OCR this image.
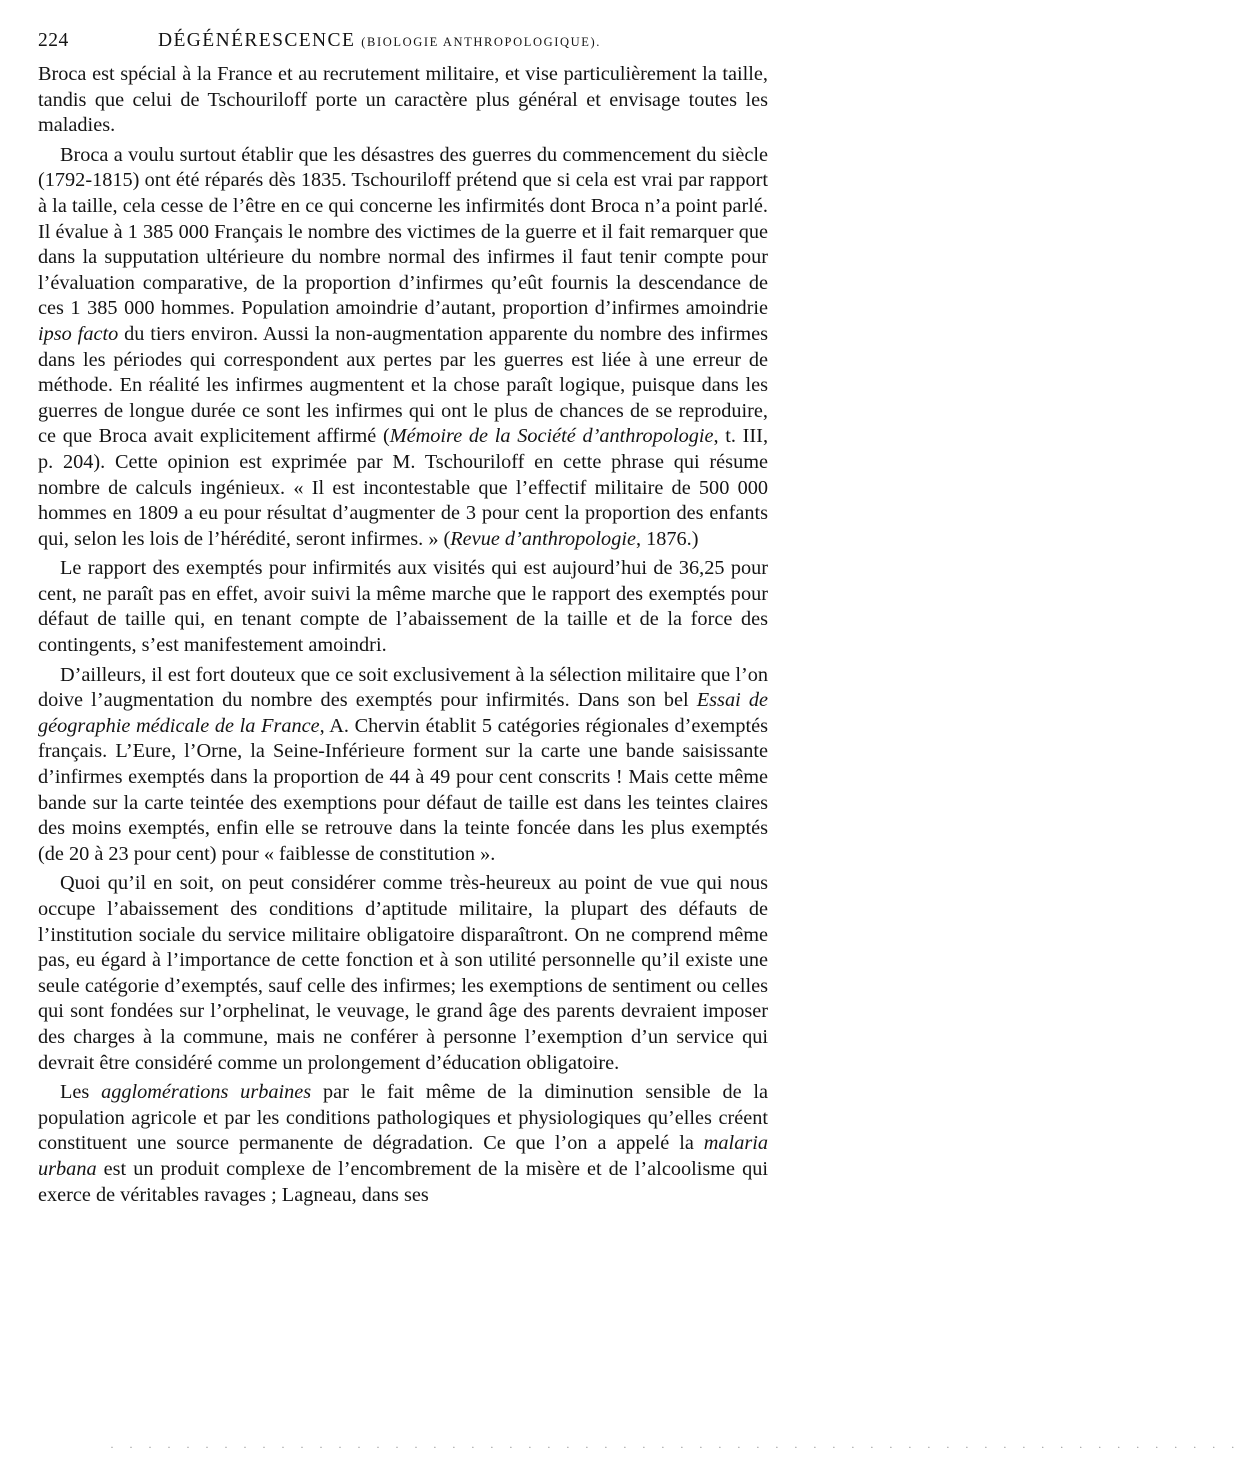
224	DÉGÉNÉRESCENCE (BIOLOGIE ANTHROPOLOGIQUE).

Broca est spécial à la France et au recrutement militaire, et vise particulièrement la taille, tandis que celui de Tschouriloff porte un caractère plus général et envisage toutes les maladies.

Broca a voulu surtout établir que les désastres des guerres du commencement du siècle (1792-1815) ont été réparés dès 1835. Tschouriloff prétend que si cela est vrai par rapport à la taille, cela cesse de l’être en ce qui concerne les infirmités dont Broca n’a point parlé. Il évalue à 1 385 000 Français le nombre des victimes de la guerre et il fait remarquer que dans la supputation ultérieure du nombre normal des infirmes il faut tenir compte pour l’évaluation comparative, de la proportion d’infirmes qu’eût fournis la descendance de ces 1 385 000 hommes. Population amoindrie d’autant, proportion d’infirmes amoindrie ipso facto du tiers environ. Aussi la non-augmentation apparente du nombre des infirmes dans les périodes qui correspondent aux pertes par les guerres est liée à une erreur de méthode. En réalité les infirmes augmentent et la chose paraît logique, puisque dans les guerres de longue durée ce sont les infirmes qui ont le plus de chances de se reproduire, ce que Broca avait explicitement affirmé (Mémoire de la Société d’anthropologie, t. III, p. 204). Cette opinion est exprimée par M. Tschouriloff en cette phrase qui résume nombre de calculs ingénieux. « Il est incontestable que l’effectif militaire de 500 000 hommes en 1809 a eu pour résultat d’augmenter de 3 pour cent la proportion des enfants qui, selon les lois de l’hérédité, seront infirmes. » (Revue d’anthropologie, 1876.)

Le rapport des exemptés pour infirmités aux visités qui est aujourd’hui de 36,25 pour cent, ne paraît pas en effet, avoir suivi la même marche que le rapport des exemptés pour défaut de taille qui, en tenant compte de l’abaissement de la taille et de la force des contingents, s’est manifestement amoindri.

D’ailleurs, il est fort douteux que ce soit exclusivement à la sélection militaire que l’on doive l’augmentation du nombre des exemptés pour infirmités. Dans son bel Essai de géographie médicale de la France, A. Chervin établit 5 catégories régionales d’exemptés français. L’Eure, l’Orne, la Seine-Inférieure forment sur la carte une bande saisissante d’infirmes exemptés dans la proportion de 44 à 49 pour cent conscrits ! Mais cette même bande sur la carte teintée des exemptions pour défaut de taille est dans les teintes claires des moins exemptés, enfin elle se retrouve dans la teinte foncée dans les plus exemptés (de 20 à 23 pour cent) pour « faiblesse de constitution ».

Quoi qu’il en soit, on peut considérer comme très-heureux au point de vue qui nous occupe l’abaissement des conditions d’aptitude militaire, la plupart des défauts de l’institution sociale du service militaire obligatoire disparaîtront. On ne comprend même pas, eu égard à l’importance de cette fonction et à son utilité personnelle qu’il existe une seule catégorie d’exemptés, sauf celle des infirmes; les exemptions de sentiment ou celles qui sont fondées sur l’orphelinat, le veuvage, le grand âge des parents devraient imposer des charges à la commune, mais ne conférer à personne l’exemption d’un service qui devrait être considéré comme un prolongement d’éducation obligatoire.

Les agglomérations urbaines par le fait même de la diminution sensible de la population agricole et par les conditions pathologiques et physiologiques qu’elles créent constituent une source permanente de dégradation. Ce que l’on a appelé la malaria urbana est un produit complexe de l’encombrement de la misère et de l’alcoolisme qui exerce de véritables ravages ; Lagneau, dans ses

· · · · · · · · · · · · · · · · · · · · · · · · · · · · · · · · · · · · · · · · · · · · · · · · · · · · · · · · · · · ·
